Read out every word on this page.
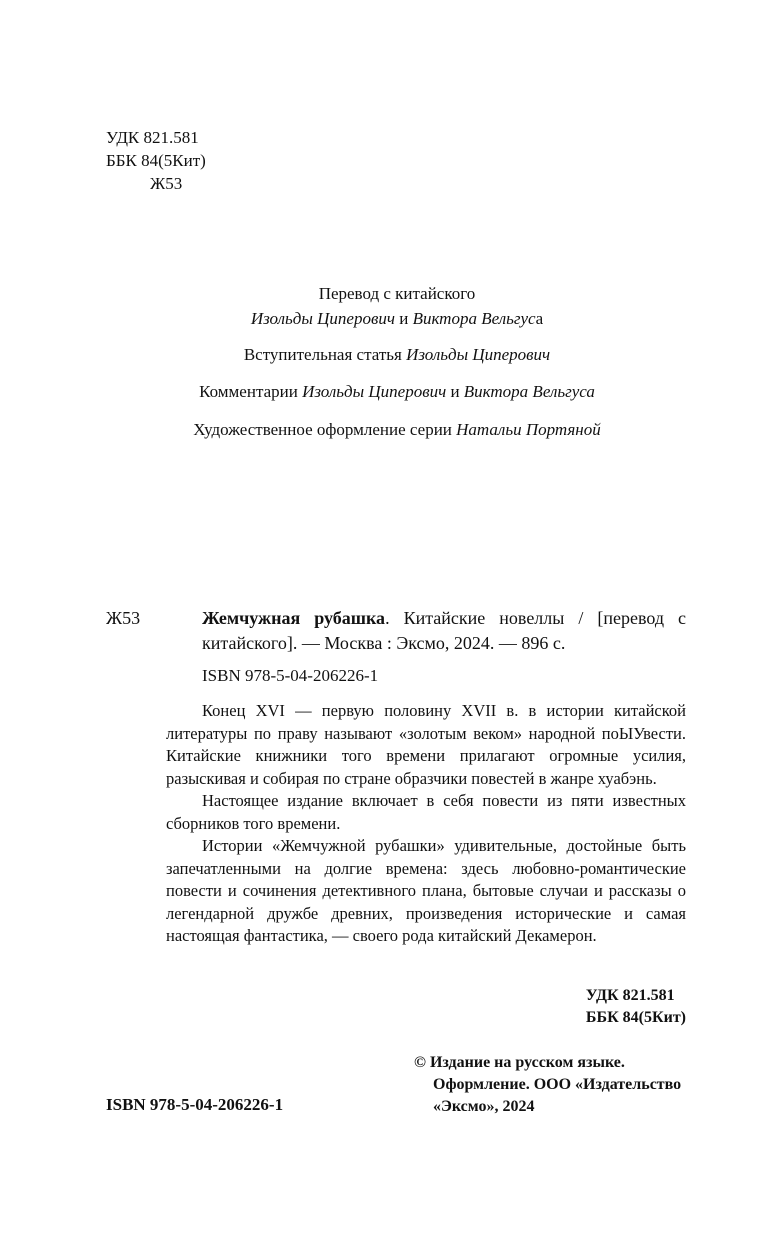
УДК 821.581
ББК 84(5Кит)
Ж53
Перевод с китайского
Изольды Циперович и Виктора Вельгуса
Вступительная статья Изольды Циперович
Комментарии Изольды Циперович и Виктора Вельгуса
Художественное оформление серии Натальи Портяной
Ж53	Жемчужная рубашка. Китайские новеллы / [перевод с китайского]. — Москва : Эксмо, 2024. — 896 с.
ISBN 978-5-04-206226-1

Конец XVI — первую половину XVII в. в истории китайской литературы по праву называют «золотым веком» народной поЫУвести. Китайские книжники того времени прилагают огромные усилия, разыскивая и собирая по стране образчики повестей в жанре хуабэнь.

Настоящее издание включает в себя повести из пяти известных сборников того времени.

Истории «Жемчужной рубашки» удивительные, достойные быть запечатленными на долгие времена: здесь любовно-романтические повести и сочинения детективного плана, бытовые случаи и рассказы о легендарной дружбе древних, произведения исторические и самая настоящая фантастика, — своего рода китайский Декамерон.

УДК 821.581
ББК 84(5Кит)
© Издание на русском языке.
Оформление. ООО «Издательство
«Эксмо», 2024
ISBN 978-5-04-206226-1
